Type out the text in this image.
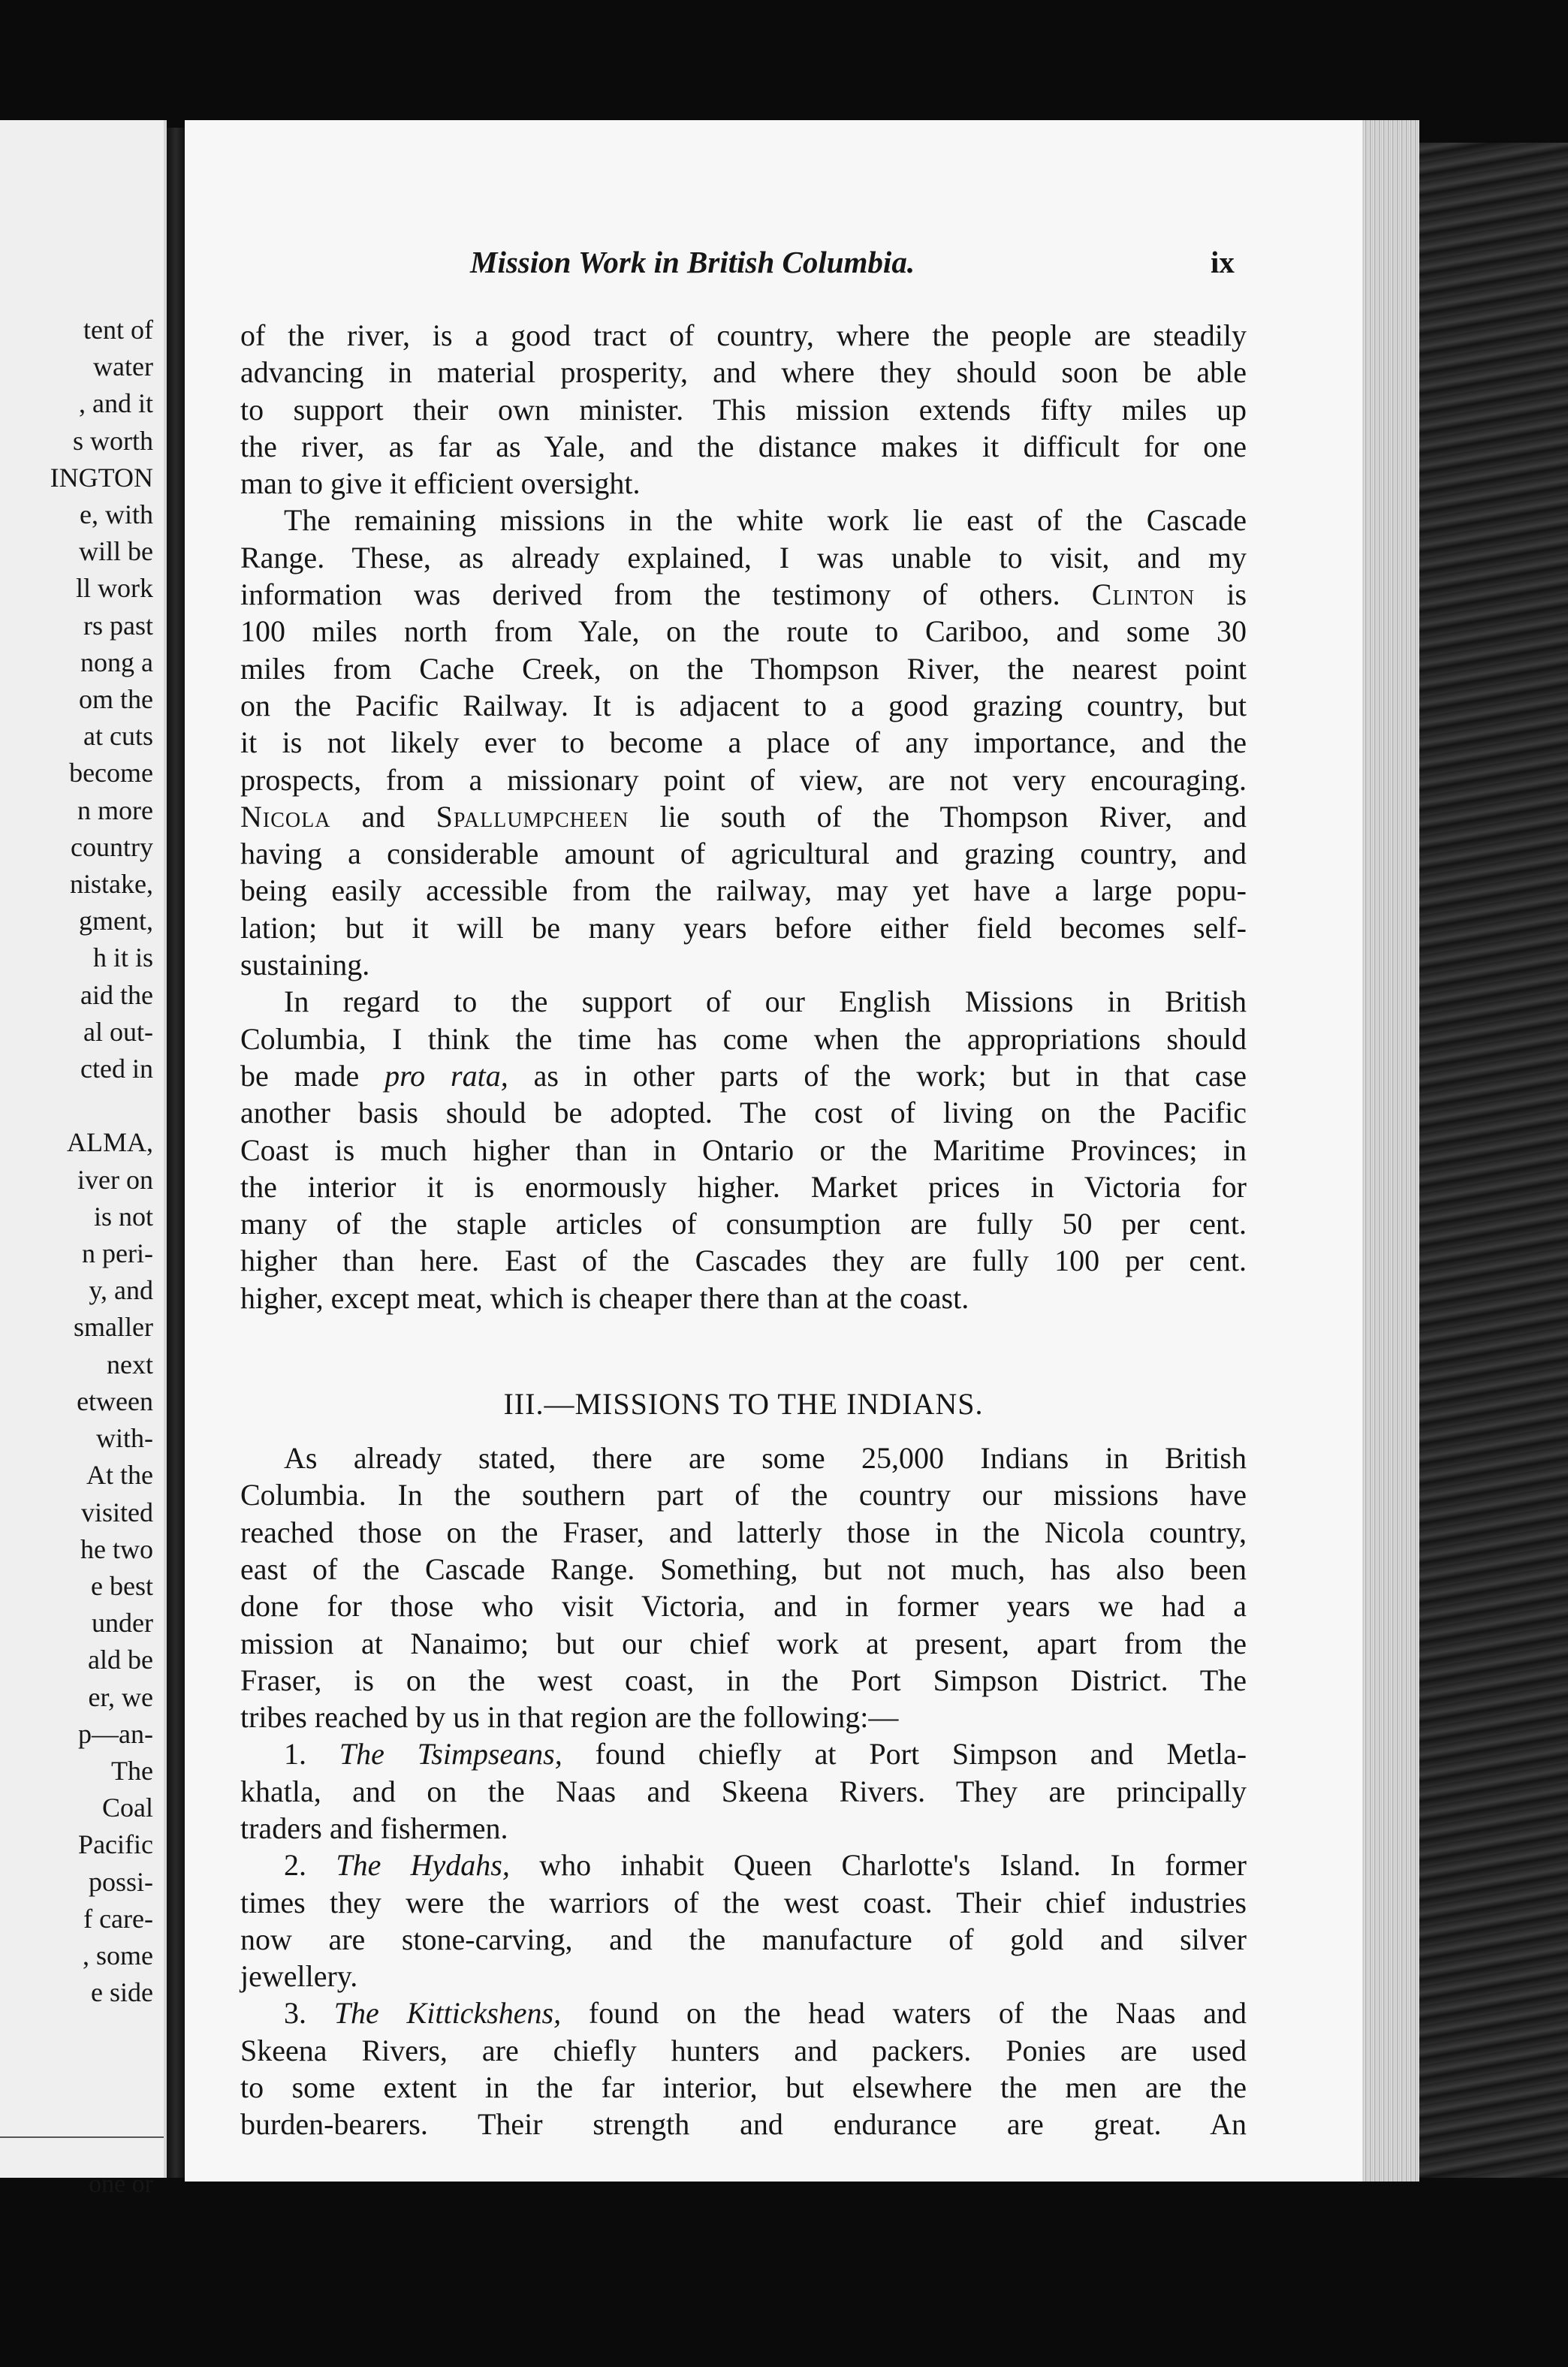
tent of
water
, and it
s worth
INGTON
e, with
will be
ll work
rs past
nong a
om the
at cuts
become
n more
country
nistake,
gment,
h it is
aid the
al out-
cted in

ALMA,
iver on
is not
n peri-
y, and
smaller
next
etween
with-
At the
visited
he two
e best
under
ald be
er, we
p—an-
The
Coal
Pacific
possi-
f care-
, some
e side
one or
Mission Work in British Columbia.	ix
of the river, is a good tract of country, where the people are steadily
advancing in material prosperity, and where they should soon be able
to support their own minister. This mission extends fifty miles up
the river, as far as Yale, and the distance makes it difficult for one
man to give it efficient oversight.
The remaining missions in the white work lie east of the Cascade
Range. These, as already explained, I was unable to visit, and my
information was derived from the testimony of others. Clinton is
100 miles north from Yale, on the route to Cariboo, and some 30
miles from Cache Creek, on the Thompson River, the nearest point
on the Pacific Railway. It is adjacent to a good grazing country, but
it is not likely ever to become a place of any importance, and the
prospects, from a missionary point of view, are not very encouraging.
Nicola and Spallumpcheen lie south of the Thompson River, and
having a considerable amount of agricultural and grazing country, and
being easily accessible from the railway, may yet have a large popu-
lation; but it will be many years before either field becomes self-
sustaining.
In regard to the support of our English Missions in British
Columbia, I think the time has come when the appropriations should
be made pro rata, as in other parts of the work; but in that case
another basis should be adopted. The cost of living on the Pacific
Coast is much higher than in Ontario or the Maritime Provinces; in
the interior it is enormously higher. Market prices in Victoria for
many of the staple articles of consumption are fully 50 per cent.
higher than here. East of the Cascades they are fully 100 per cent.
higher, except meat, which is cheaper there than at the coast.
III.—MISSIONS TO THE INDIANS.
As already stated, there are some 25,000 Indians in British
Columbia. In the southern part of the country our missions have
reached those on the Fraser, and latterly those in the Nicola country,
east of the Cascade Range. Something, but not much, has also been
done for those who visit Victoria, and in former years we had a
mission at Nanaimo; but our chief work at present, apart from the
Fraser, is on the west coast, in the Port Simpson District. The
tribes reached by us in that region are the following:—
1. The Tsimpseans, found chiefly at Port Simpson and Metla-
khatla, and on the Naas and Skeena Rivers. They are principally
traders and fishermen.
2. The Hydahs, who inhabit Queen Charlotte's Island. In former
times they were the warriors of the west coast. Their chief industries
now are stone-carving, and the manufacture of gold and silver
jewellery.
3. The Kittickshens, found on the head waters of the Naas and
Skeena Rivers, are chiefly hunters and packers. Ponies are used
to some extent in the far interior, but elsewhere the men are the
burden-bearers. Their strength and endurance are great. An
